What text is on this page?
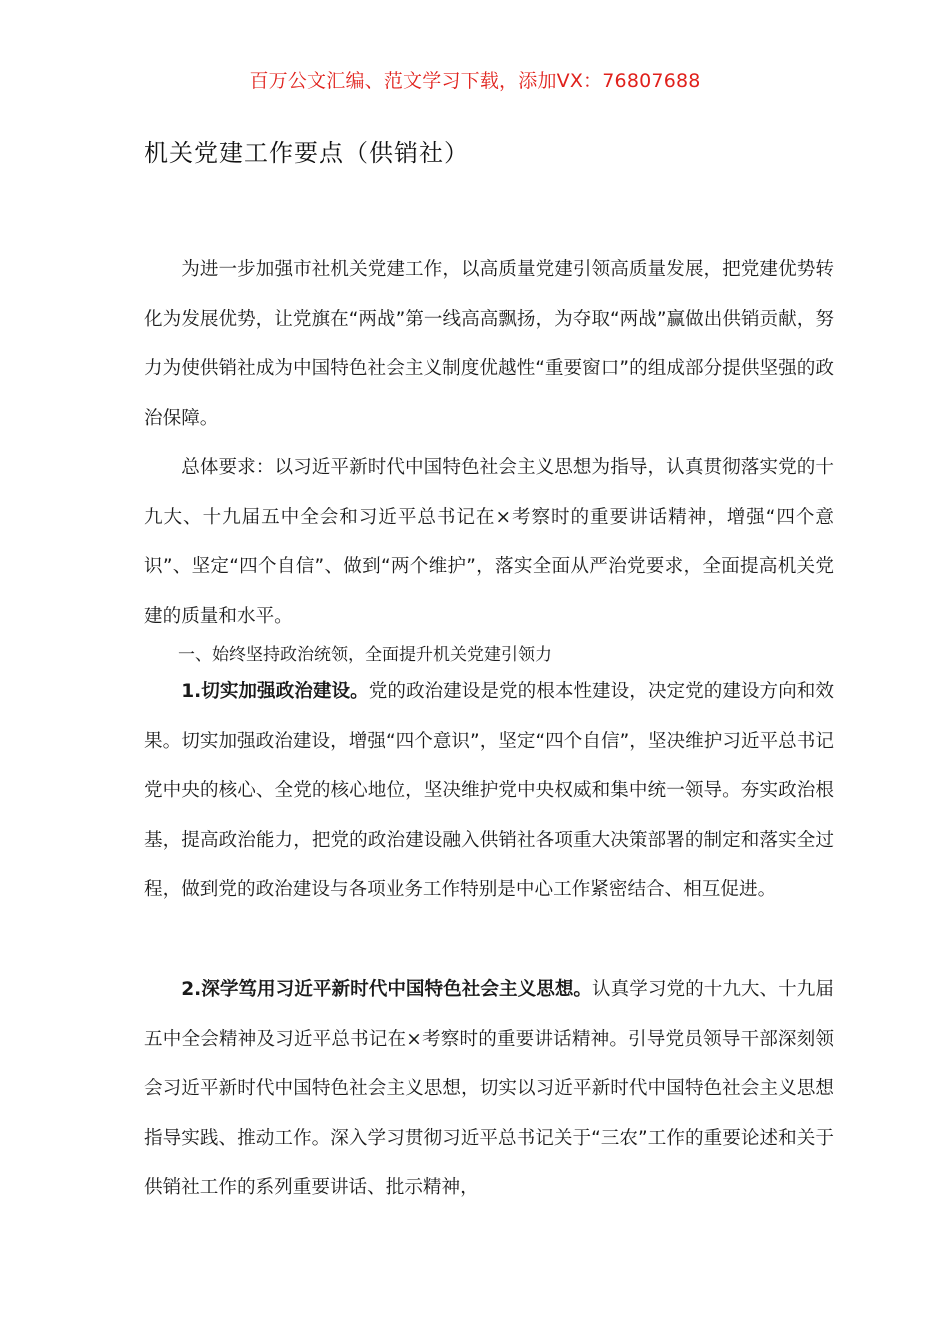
百万公文汇编、范文学习下载，添加VX：76807688
机关党建工作要点（供销社）

为进一步加强市社机关党建工作，以高质量党建引领高质量发展，把党建优势转化为发展优势，让党旗在“两战”第一线高高飘扬，为夺取“两战”赢做出供销贡献，努力为使供销社成为中国特色社会主义制度优越性“重要窗口”的组成部分提供坚强的政治保障。

总体要求：以习近平新时代中国特色社会主义思想为指导，认真贯彻落实党的十九大、十九届五中全会和习近平总书记在×考察时的重要讲话精神，增强“四个意识”、坚定“四个自信”、做到“两个维护”，落实全面从严治党要求，全面提高机关党建的质量和水平。

一、始终坚持政治统领，全面提升机关党建引领力

1.切实加强政治建设。党的政治建设是党的根本性建设，决定党的建设方向和效果。切实加强政治建设，增强“四个意识”，坚定“四个自信”，坚决维护习近平总书记党中央的核心、全党的核心地位，坚决维护党中央权威和集中统一领导。夯实政治根基，提高政治能力，把党的政治建设融入供销社各项重大决策部署的制定和落实全过程，做到党的政治建设与各项业务工作特别是中心工作紧密结合、相互促进。

2.深学笃用习近平新时代中国特色社会主义思想。认真学习党的十九大、十九届五中全会精神及习近平总书记在×考察时的重要讲话精神。引导党员领导干部深刻领会习近平新时代中国特色社会主义思想，切实以习近平新时代中国特色社会主义思想指导实践、推动工作。深入学习贯彻习近平总书记关于“三农”工作的重要论述和关于供销社工作的系列重要讲话、批示精神，
